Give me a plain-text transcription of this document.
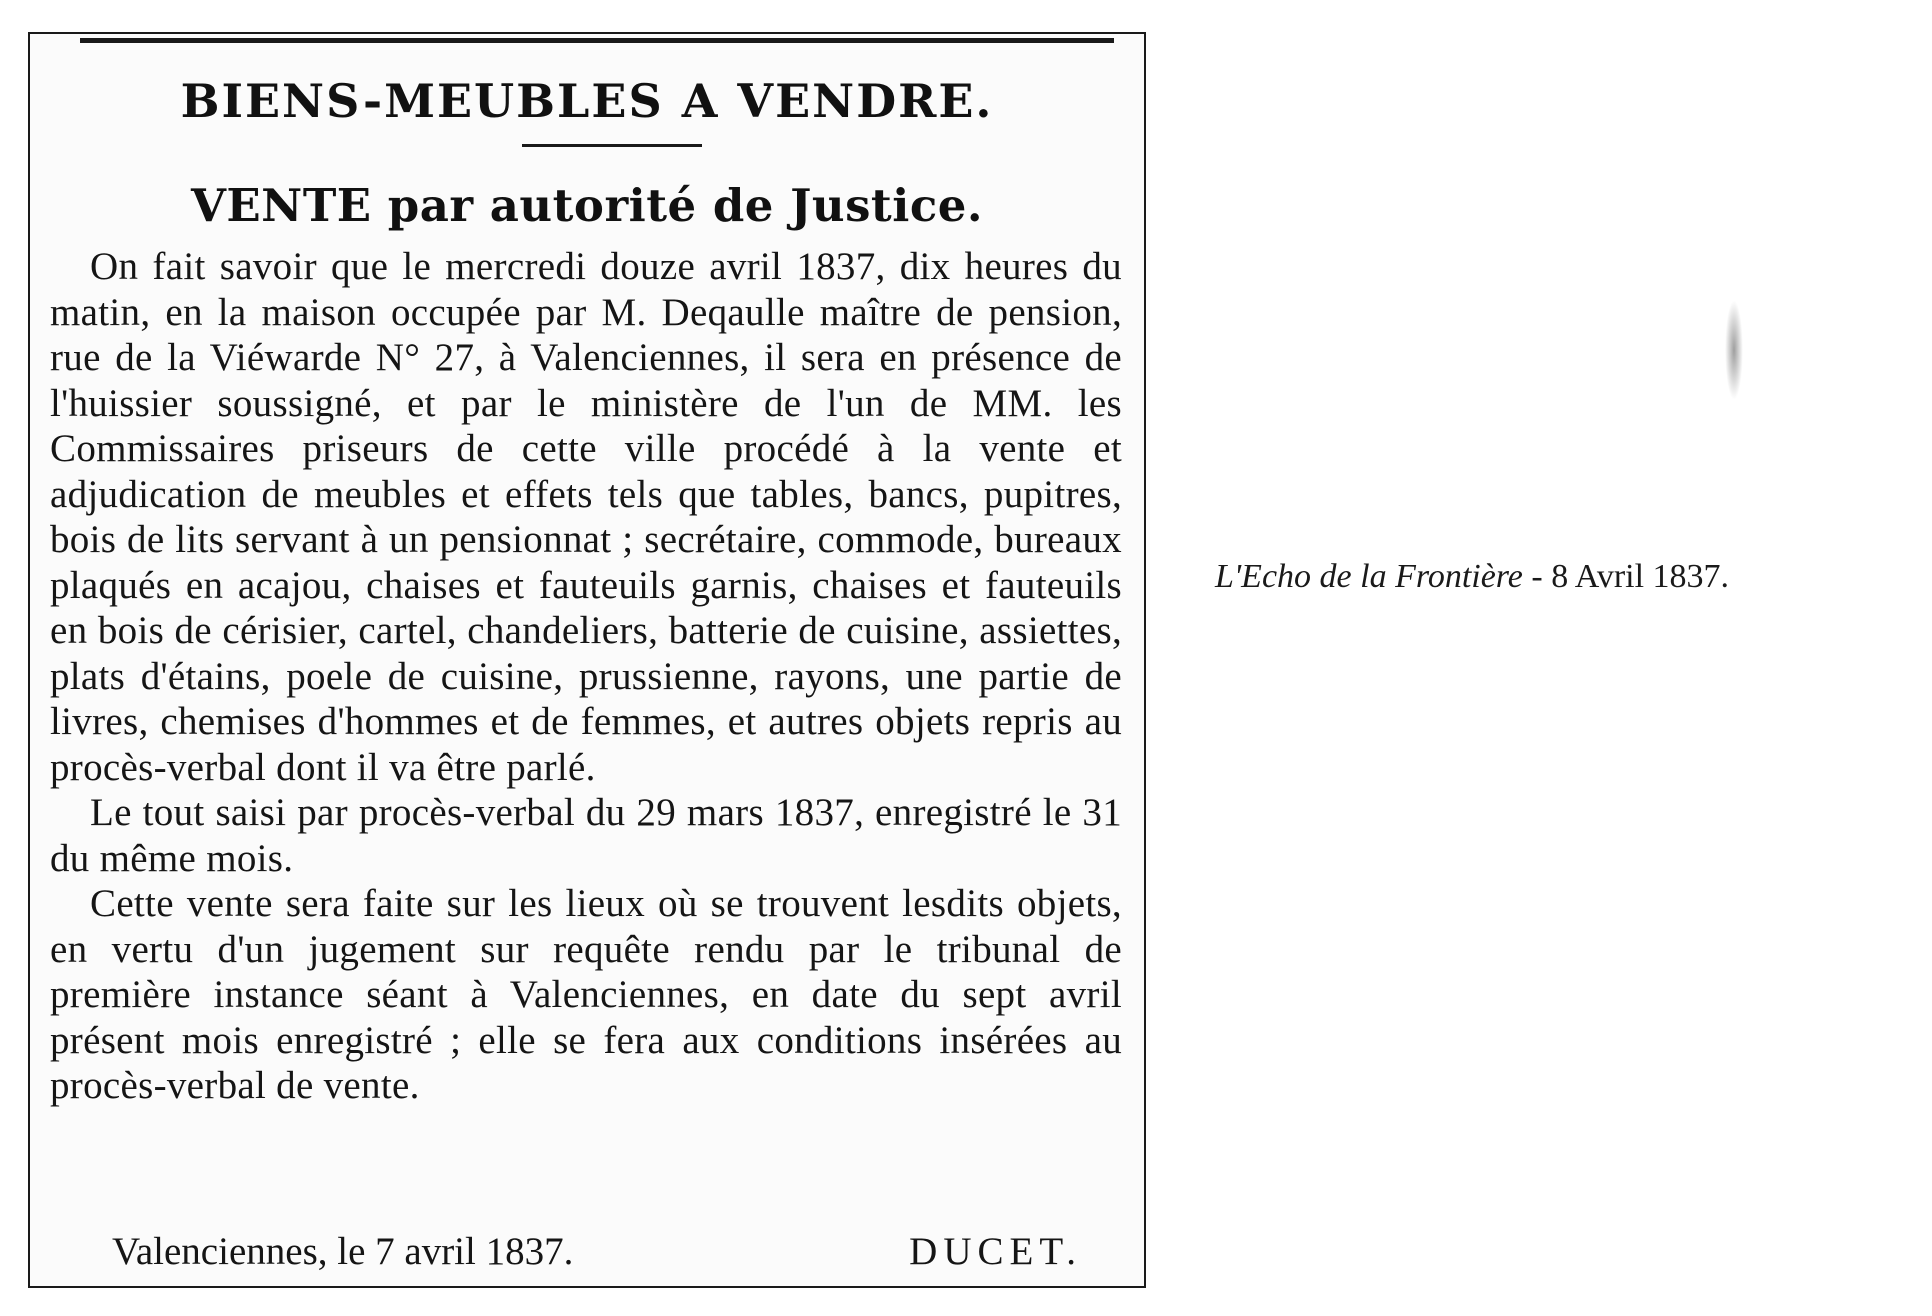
BIENS-MEUBLES A VENDRE.
VENTE par autorité de Justice.

On fait savoir que le mercredi douze avril 1837, dix heures du matin, en la maison occupée par M. Deqaulle maître de pension, rue de la Viéwarde N° 27, à Valenciennes, il sera en présence de l'huissier soussigné, et par le ministère de l'un de MM. les Commissaires priseurs de cette ville procédé à la vente et adjudication de meubles et effets tels que tables, bancs, pupitres, bois de lits servant à un pensionnat ; secrétaire, commode, bureaux plaqués en acajou, chaises et fauteuils garnis, chaises et fauteuils en bois de cérisier, cartel, chandeliers, batterie de cuisine, assiettes, plats d'étains, poele de cuisine, prussienne, rayons, une partie de livres, chemises d'hommes et de femmes, et autres objets repris au procès-verbal dont il va être parlé.

Le tout saisi par procès-verbal du 29 mars 1837, enregistré le 31 du même mois.

Cette vente sera faite sur les lieux où se trouvent lesdits objets, en vertu d'un jugement sur requête rendu par le tribunal de première instance séant à Valenciennes, en date du sept avril présent mois enregistré ; elle se fera aux conditions insérées au procès-verbal de vente.

Valenciennes, le 7 avril 1837.	DUCET.
L'Echo de la Frontière - 8 Avril 1837.
